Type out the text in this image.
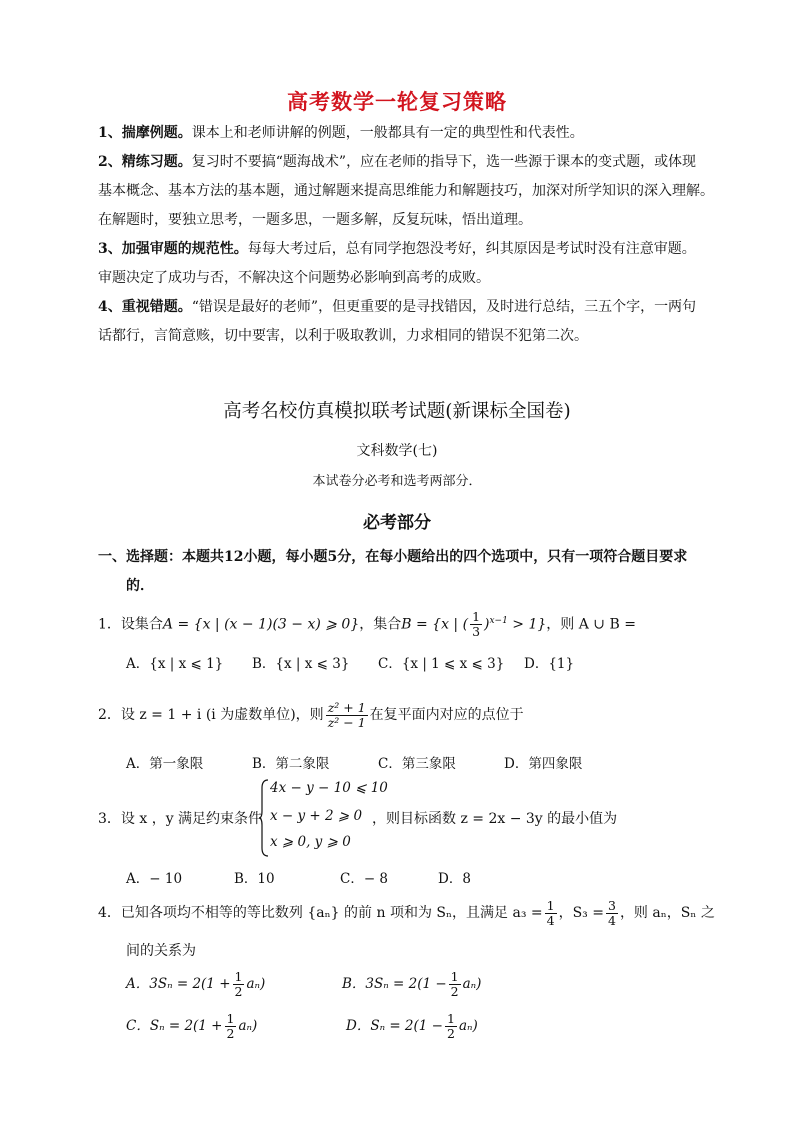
高考数学一轮复习策略
1、揣摩例题。课本上和老师讲解的例题，一般都具有一定的典型性和代表性。
2、精练习题。复习时不要搞“题海战术”，应在老师的指导下，选一些源于课本的变式题，或体现
基本概念、基本方法的基本题，通过解题来提高思维能力和解题技巧，加深对所学知识的深入理解。
在解题时，要独立思考，一题多思，一题多解，反复玩味，悟出道理。
3、加强审题的规范性。每每大考过后，总有同学抱怨没考好，纠其原因是考试时没有注意审题。
审题决定了成功与否，不解决这个问题势必影响到高考的成败。
4、重视错题。“错误是最好的老师”，但更重要的是寻找错因，及时进行总结，三五个字，一两句
话都行，言简意赅，切中要害，以利于吸取教训，力求相同的错误不犯第二次。
高考名校仿真模拟联考试题(新课标全国卷)
文科数学(七)
本试卷分必考和选考两部分．
必考部分
一、选择题：本题共12小题，每小题5分，在每小题给出的四个选项中，只有一项符合题目要求
的．
1．设集合A = {x | (x − 1)(3 − x) ⩾ 0}，集合B = {x | ( $\frac{1}{3} )^{x-1} > 1$}，则 A ∪ B =
A．{x | x ⩽ 1} B．{x | x ⩽ 3} C．{x | 1 ⩽ x ⩽ 3} D．{1}
2．设 z = 1 + i (i 为虚数单位)，则 $\frac{\text{z² + 1}}{\text{z² − 1}}$ 在复平面内对应的点位于
A．第一象限	B．第二象限	C．第三象限	D．第四象限
3．设 x ，y 满足约束条件
4x − y − 10 ⩽ 10
x − y + 2 ⩾ 0
x ⩾ 0, y ⩾ 0
，则目标函数 z = 2x − 3y 的最小值为
A．− 10	B．10	C．− 8	D．8
4．已知各项均不相等的等比数列 {aₙ} 的前 n 项和为 Sₙ，且满足 $a_3 = \frac{1}{4}$ ，$S_3 = \frac{3}{4}$ ，则 aₙ，Sₙ 之
间的关系为
A．$3S_n = 2(1 + \frac{1}{2} a_n)$	B．$3S_n = 2(1 - \frac{1}{2} a_n)$
C．$S_n = 2(1 + \frac{1}{2} a_n)$	D．$S_n = 2(1 - \frac{1}{2} a_n)$
